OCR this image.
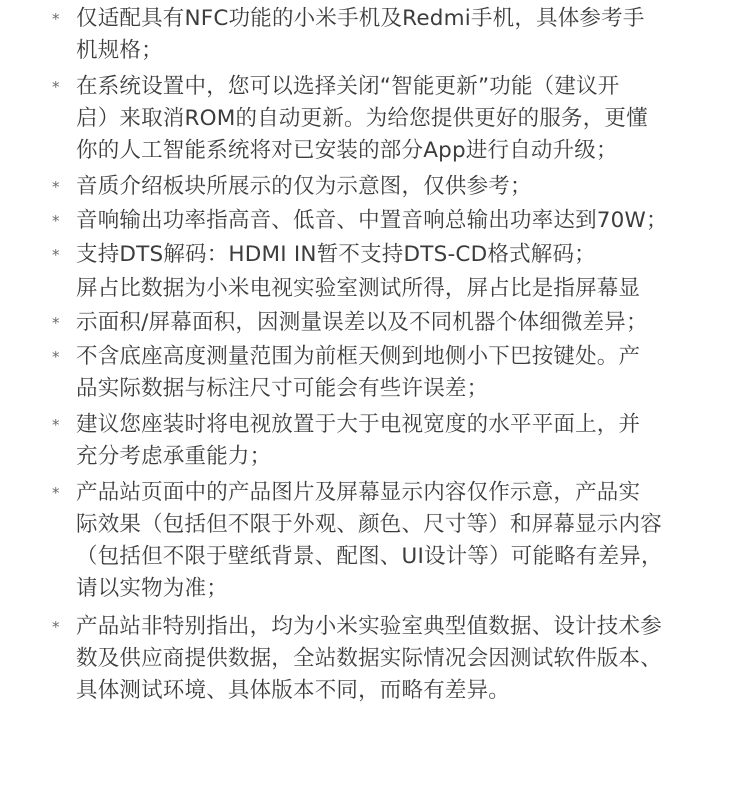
* 仅适配具有NFC功能的小米手机及Redmi手机，具体参考手
机规格；
* 在系统设置中，您可以选择关闭“智能更新”功能（建议开
启）来取消ROM的自动更新。为给您提供更好的服务，更懂
你的人工智能系统将对已安装的部分App进行自动升级；
* 音质介绍板块所展示的仅为示意图，仅供参考；
* 音响输出功率指高音、低音、中置音响总输出功率达到70W；
* 支持DTS解码：HDMI IN暂不支持DTS-CD格式解码；
屏占比数据为小米电视实验室测试所得，屏占比是指屏幕显
* 示面积/屏幕面积，因测量误差以及不同机器个体细微差异；
* 不含底座高度测量范围为前框天侧到地侧小下巴按键处。产
品实际数据与标注尺寸可能会有些许误差；
* 建议您座装时将电视放置于大于电视宽度的水平平面上，并
充分考虑承重能力；
* 产品站页面中的产品图片及屏幕显示内容仅作示意，产品实
际效果（包括但不限于外观、颜色、尺寸等）和屏幕显示内容
（包括但不限于壁纸背景、配图、UI设计等）可能略有差异，
请以实物为准；
* 产品站非特别指出，均为小米实验室典型值数据、设计技术参
数及供应商提供数据，全站数据实际情况会因测试软件版本、
具体测试环境、具体版本不同，而略有差异。
